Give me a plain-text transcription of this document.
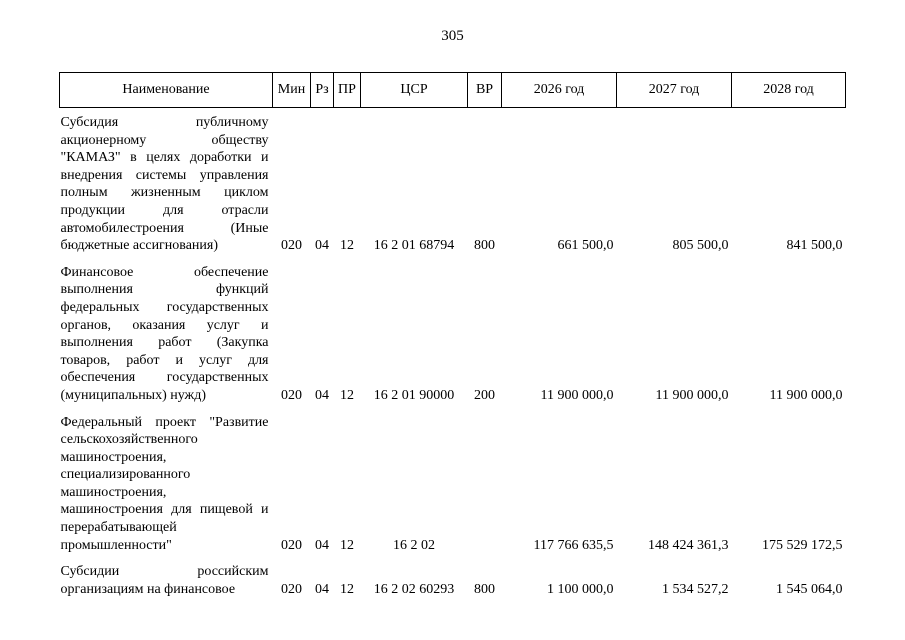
305
Наименование	Мин	Рз	ПР	ЦСР	ВР	2026 год	2027 год	2028 год
Субсидия публичному акционерному обществу "КАМАЗ" в целях доработки и внедрения системы управления полным жизненным циклом продукции для отрасли автомобилестроения (Иные бюджетные ассигнования)	020	04	12	16 2 01 68794	800	661 500,0	805 500,0	841 500,0
Финансовое обеспечение выполнения функций федеральных государственных органов, оказания услуг и выполнения работ (Закупка товаров, работ и услуг для обеспечения государственных (муниципальных) нужд)	020	04	12	16 2 01 90000	200	11 900 000,0	11 900 000,0	11 900 000,0
Федеральный проект "Развитие сельскохозяйственного машиностроения, специализированного машиностроения, машиностроения для пищевой и перерабатывающей промышленности"	020	04	12	16 2 02		117 766 635,5	148 424 361,3	175 529 172,5
Субсидии российским организациям на финансовое	020	04	12	16 2 02 60293	800	1 100 000,0	1 534 527,2	1 545 064,0
